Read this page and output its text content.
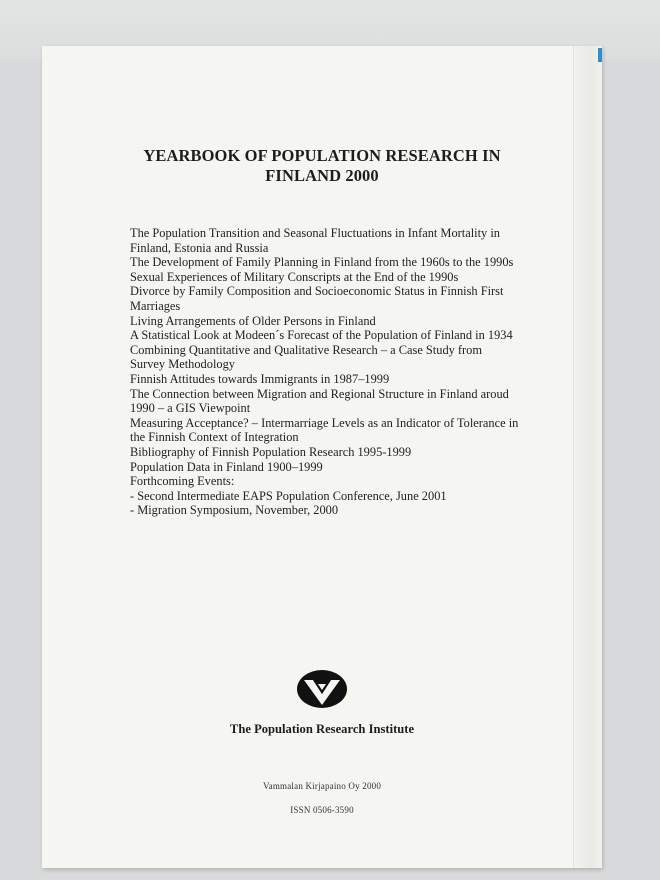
YEARBOOK OF POPULATION RESEARCH IN
FINLAND 2000

The Population Transition and Seasonal Fluctuations in Infant Mortality in Finland, Estonia and Russia

The Development of Family Planning in Finland from the 1960s to the 1990s

Sexual Experiences of Military Conscripts at the End of the 1990s

Divorce by Family Composition and Socioeconomic Status in Finnish First Marriages

Living Arrangements of Older Persons in Finland

A Statistical Look at Modeen´s Forecast of the Population of Finland in 1934

Combining Quantitative and Qualitative Research – a Case Study from Survey Methodology

Finnish Attitudes towards Immigrants in 1987–1999

The Connection between Migration and Regional Structure in Finland aroud 1990 – a GIS Viewpoint

Measuring Acceptance? – Intermarriage Levels as an Indicator of Tolerance in the Finnish Context of Integration

Bibliography of Finnish Population Research 1995-1999

Population Data in Finland 1900–1999

Forthcoming Events:

- Second Intermediate EAPS Population Conference, June 2001

- Migration Symposium, November, 2000

The Population Research Institute
Vammalan Kirjapaino Oy 2000
ISSN 0506-3590
